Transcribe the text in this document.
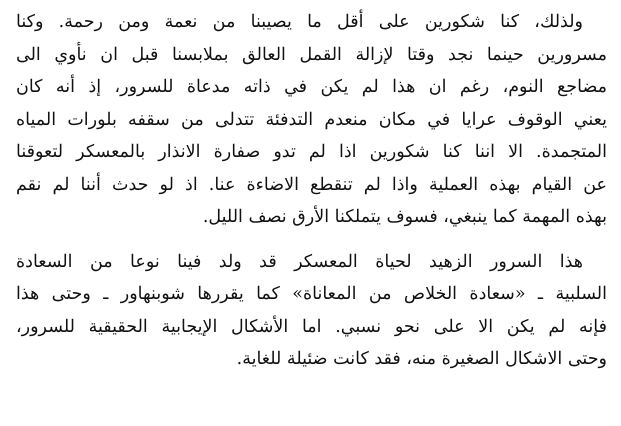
ولذلك، كنا شكورين على أقل ما يصيبنا من نعمة ومن رحمة. وكنا
مسرورين حينما نجد وقتا لإزالة القمل العالق بملابسنا قبل ان نأوي الى
مضاجع النوم، رغم ان هذا لم يكن في ذاته مدعاة للسرور، إذ أنه كان
يعني الوقوف عرايا في مكان منعدم التدفئة تتدلى من سقفه بلورات المياه
المتجمدة. الا اننا كنا شكورين اذا لم تدو صفارة الانذار بالمعسكر لتعوقنا
عن القيام بهذه العملية واذا لم تنقطع الاضاءة عنا. اذ لو حدث أننا لم نقم
بهذه المهمة كما ينبغي، فسوف يتملكنا الأرق نصف الليل.
هذا السرور الزهيد لحياة المعسكر قد ولد فينا نوعا من السعادة
السلبية ـ «سعادة الخلاص من المعاناة» كما يقررها شوبنهاور ـ وحتى هذا
فإنه لم يكن الا على نحو نسبي. اما الأشكال الإيجابية الحقيقية للسرور،
وحتى الاشكال الصغيرة منه، فقد كانت ضئيلة للغاية.
